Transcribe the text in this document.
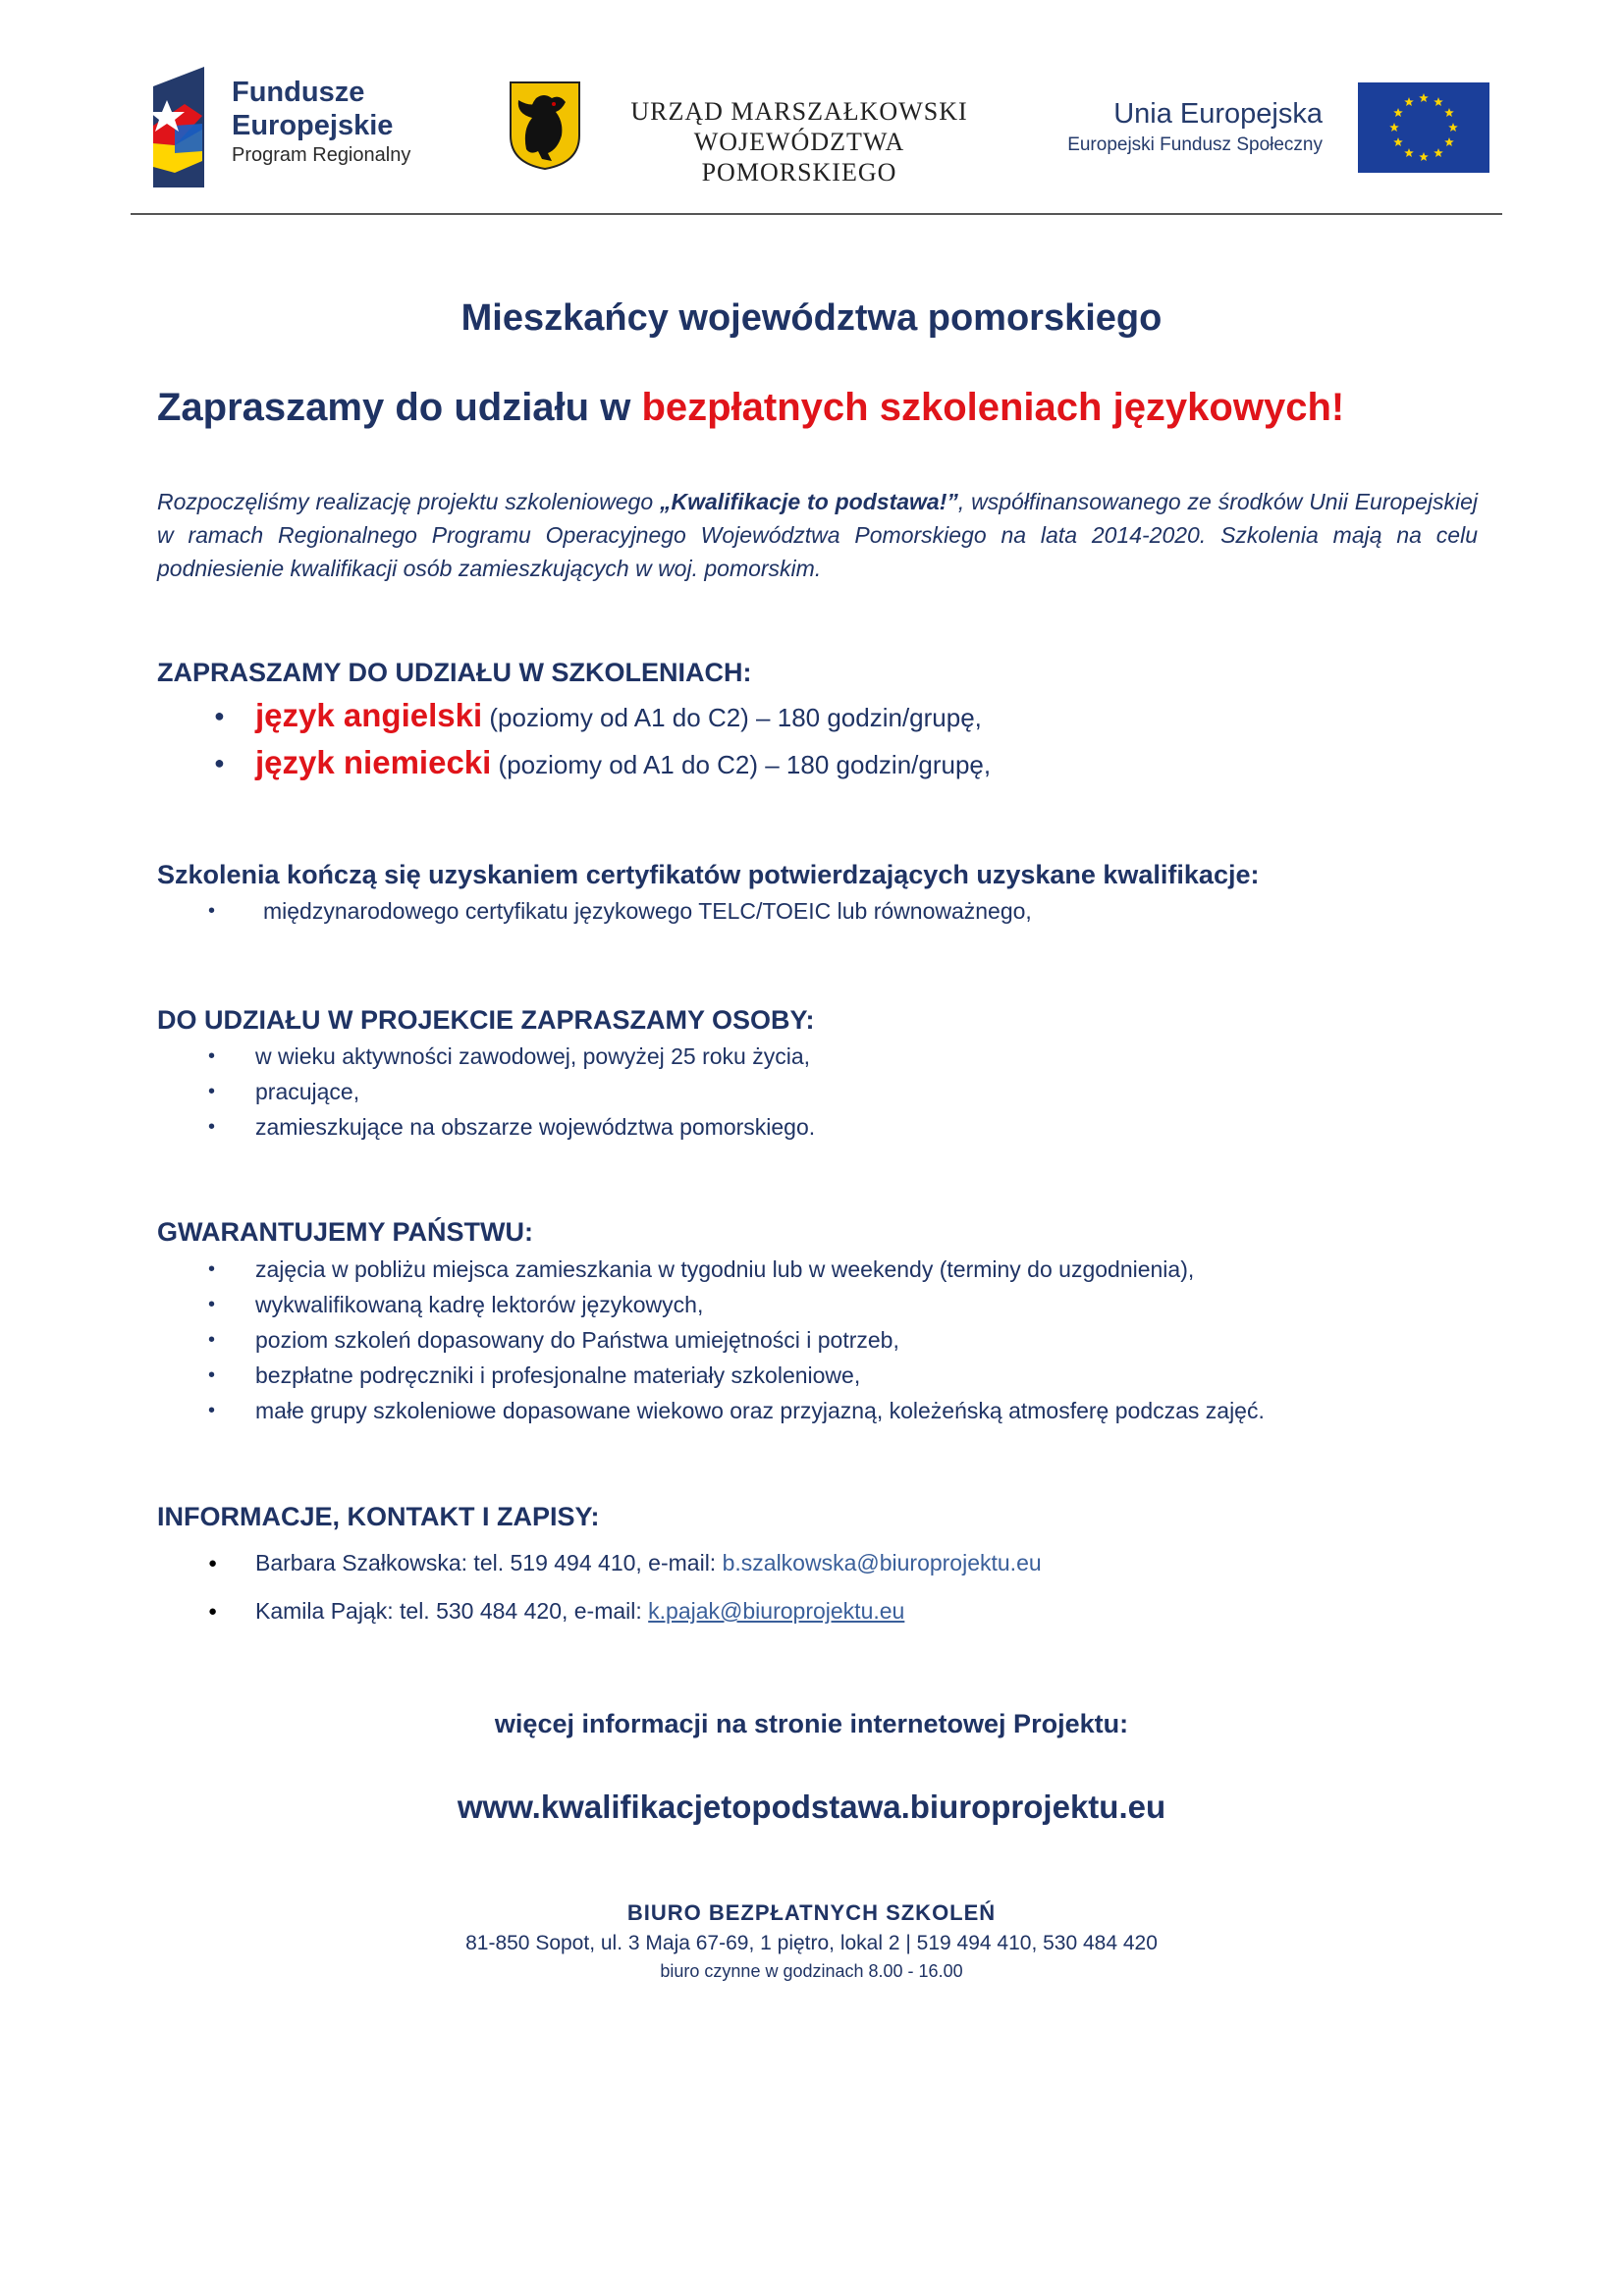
Fundusze
Europejskie
Program Regionalny
URZĄD MARSZAŁKOWSKI
WOJEWÓDZTWA POMORSKIEGO
Unia Europejska
Europejski Fundusz Społeczny
Mieszkańcy województwa pomorskiego
Zapraszamy do udziału w bezpłatnych szkoleniach językowych!
Rozpoczęliśmy realizację projektu szkoleniowego „Kwalifikacje to podstawa!”, współfinansowanego ze środków Unii Europejskiej w ramach Regionalnego Programu Operacyjnego Województwa Pomorskiego na lata 2014-2020. Szkolenia mają na celu podniesienie kwalifikacji osób zamieszkujących w woj. pomorskim.
ZAPRASZAMY DO UDZIAŁU W SZKOLENIACH:
● język angielski (poziomy od A1 do C2) – 180 godzin/grupę,
● język niemiecki (poziomy od A1 do C2) – 180 godzin/grupę,
Szkolenia kończą się uzyskaniem certyfikatów potwierdzających uzyskane kwalifikacje:
• międzynarodowego certyfikatu językowego TELC/TOEIC lub równoważnego,
DO UDZIAŁU W PROJEKCIE ZAPRASZAMY OSOBY:
• w wieku aktywności zawodowej, powyżej 25 roku życia,
• pracujące,
• zamieszkujące na obszarze województwa pomorskiego.
GWARANTUJEMY PAŃSTWU:
• zajęcia w pobliżu miejsca zamieszkania w tygodniu lub w weekendy (terminy do uzgodnienia),
• wykwalifikowaną kadrę lektorów językowych,
• poziom szkoleń dopasowany do Państwa umiejętności i potrzeb,
• bezpłatne podręczniki i profesjonalne materiały szkoleniowe,
• małe grupy szkoleniowe dopasowane wiekowo oraz przyjazną, koleżeńską atmosferę podczas zajęć.
INFORMACJE, KONTAKT I ZAPISY:
● Barbara Szałkowska: tel. 519 494 410, e-mail: b.szalkowska@biuroprojektu.eu
● Kamila Pająk: tel. 530 484 420, e-mail: k.pajak@biuroprojektu.eu
więcej informacji na stronie internetowej Projektu:
www.kwalifikacjetopodstawa.biuroprojektu.eu
BIURO BEZPŁATNYCH SZKOLEŃ
81-850 Sopot, ul. 3 Maja 67-69, 1 piętro, lokal 2 | 519 494 410, 530 484 420
biuro czynne w godzinach 8.00 - 16.00
